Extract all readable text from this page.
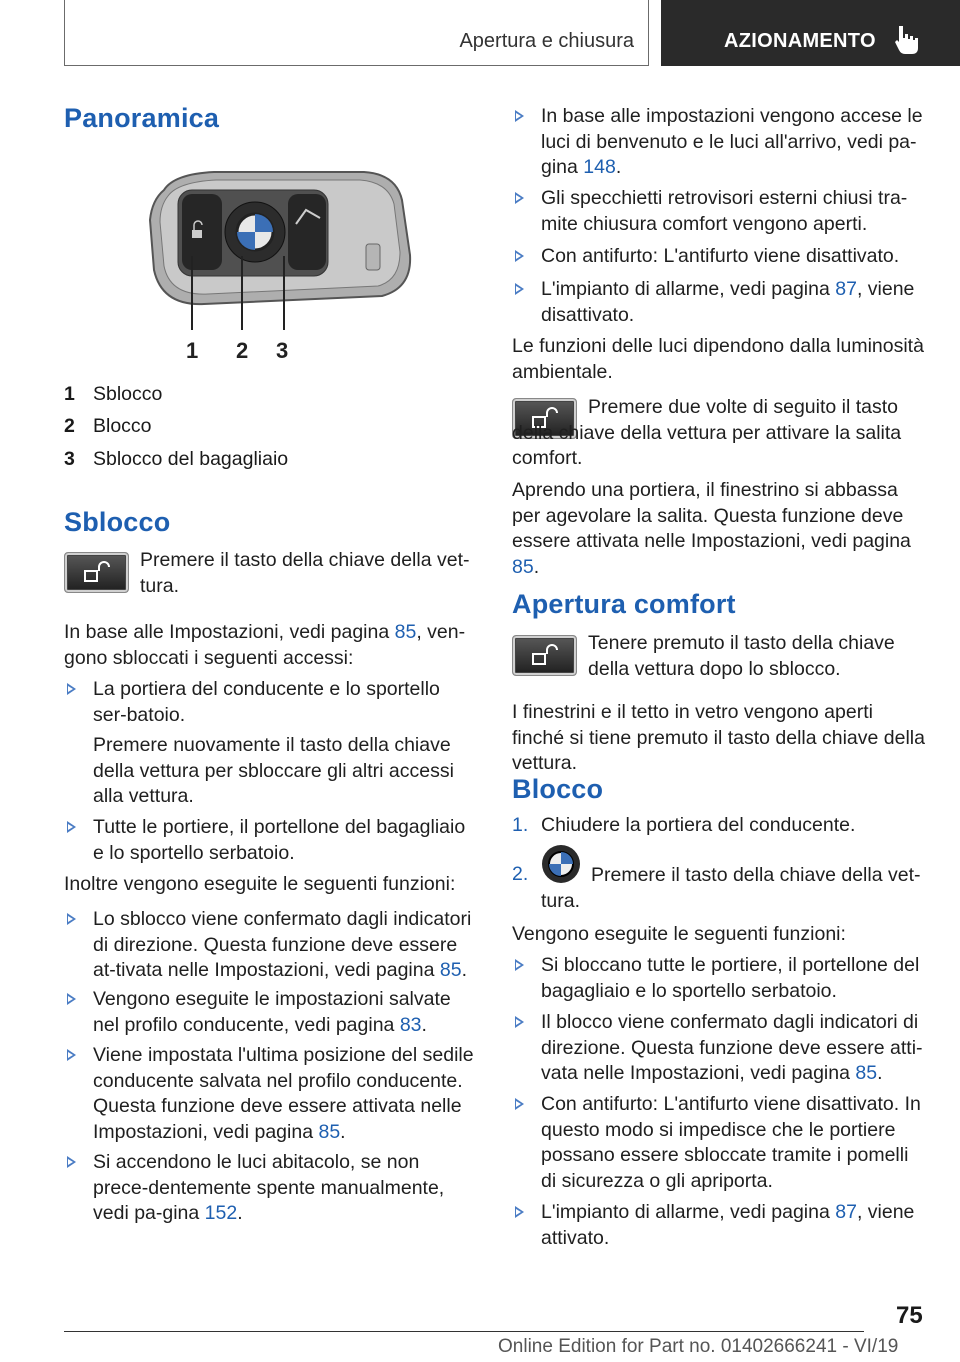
Apertura e chiusura	AZIONAMENTO
Panoramica
1 2 3
1 Sblocco
2 Blocco
3 Sblocco del bagagliaio
Sblocco

Premere il tasto della chiave della vet-tura.

In base alle Impostazioni, vedi pagina 85, ven-gono sbloccati i seguenti accessi:

La portiera del conducente e lo sportello ser-batoio.

Premere nuovamente il tasto della chiave della vettura per sbloccare gli altri accessi alla vettura.

Tutte le portiere, il portellone del bagagliaio e lo sportello serbatoio.

Inoltre vengono eseguite le seguenti funzioni:

Lo sblocco viene confermato dagli indicatori di direzione. Questa funzione deve essere at-tivata nelle Impostazioni, vedi pagina 85.

Vengono eseguite le impostazioni salvate nel profilo conducente, vedi pagina 83.

Viene impostata l'ultima posizione del sedile conducente salvata nel profilo conducente. Questa funzione deve essere attivata nelle Impostazioni, vedi pagina 85.

Si accendono le luci abitacolo, se non prece-dentemente spente manualmente, vedi pa-gina 152.

In base alle impostazioni vengono accese le luci di benvenuto e le luci all'arrivo, vedi pa-gina 148.

Gli specchietti retrovisori esterni chiusi tra-mite chiusura comfort vengono aperti.

Con antifurto: L'antifurto viene disattivato.

L'impianto di allarme, vedi pagina 87, viene disattivato.

Le funzioni delle luci dipendono dalla luminosità ambientale.

Premere due volte di seguito il tasto della chiave della vettura per attivare la salita comfort.

Aprendo una portiera, il finestrino si abbassa per agevolare la salita. Questa funzione deve essere attivata nelle Impostazioni, vedi pagina 85.

Apertura comfort

Tenere premuto il tasto della chiave della vettura dopo lo sblocco.

I finestrini e il tetto in vetro vengono aperti finché si tiene premuto il tasto della chiave della vettura.

Blocco
1. Chiudere la portiera del conducente.

2.	Premere il tasto della chiave della vet-tura.

Vengono eseguite le seguenti funzioni:

Si bloccano tutte le portiere, il portellone del bagagliaio e lo sportello serbatoio.

Il blocco viene confermato dagli indicatori di direzione. Questa funzione deve essere atti-vata nelle Impostazioni, vedi pagina 85.

Con antifurto: L'antifurto viene disattivato. In questo modo si impedisce che le portiere possano essere sbloccate tramite i pomelli di sicurezza o gli apriporta.

L'impianto di allarme, vedi pagina 87, viene attivato.

75
Online Edition for Part no. 01402666241 - VI/19
